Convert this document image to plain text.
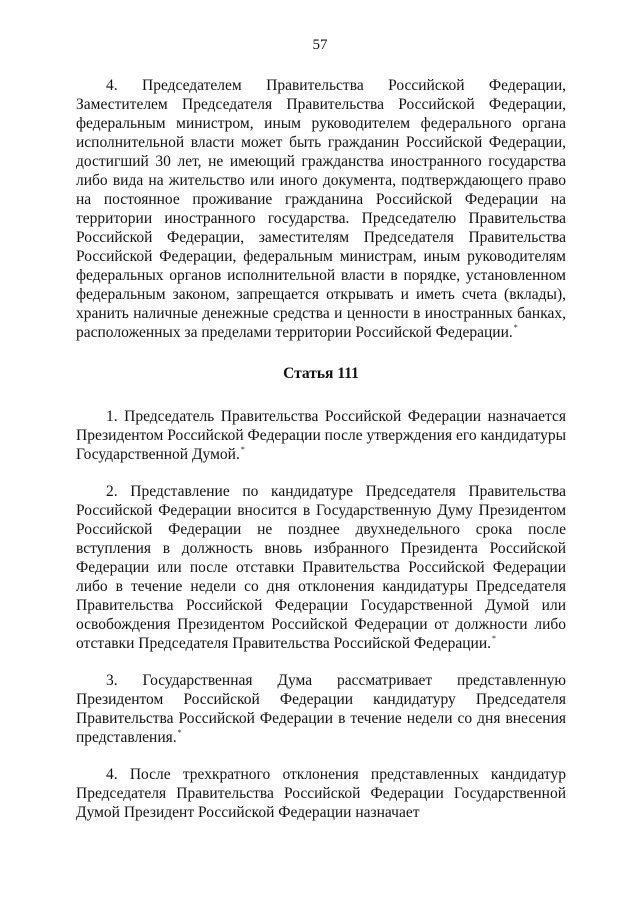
57

4. Председателем Правительства Российской Федерации, Заместителем Председателя Правительства Российской Федерации, федеральным министром, иным руководителем федерального органа исполнительной власти может быть гражданин Российской Федерации, достигший 30 лет, не имеющий гражданства иностранного государства либо вида на жительство или иного документа, подтверждающего право на постоянное проживание гражданина Российской Федерации на территории иностранного государства. Председателю Правительства Российской Федерации, заместителям Председателя Правительства Российской Федерации, федеральным министрам, иным руководителям федеральных органов исполнительной власти в порядке, установленном федеральным законом, запрещается открывать и иметь счета (вклады), хранить наличные денежные средства и ценности в иностранных банках, расположенных за пределами территории Российской Федерации.*

Статья 111

1. Председатель Правительства Российской Федерации назначается Президентом Российской Федерации после утверждения его кандидатуры Государственной Думой.*

2. Представление по кандидатуре Председателя Правительства Российской Федерации вносится в Государственную Думу Президентом Российской Федерации не позднее двухнедельного срока после вступления в должность вновь избранного Президента Российской Федерации или после отставки Правительства Российской Федерации либо в течение недели со дня отклонения кандидатуры Председателя Правительства Российской Федерации Государственной Думой или освобождения Президентом Российской Федерации от должности либо отставки Председателя Правительства Российской Федерации.*

3. Государственная Дума рассматривает представленную Президентом Российской Федерации кандидатуру Председателя Правительства Российской Федерации в течение недели со дня внесения представления.*

4. После трехкратного отклонения представленных кандидатур Председателя Правительства Российской Федерации Государственной Думой Президент Российской Федерации назначает
